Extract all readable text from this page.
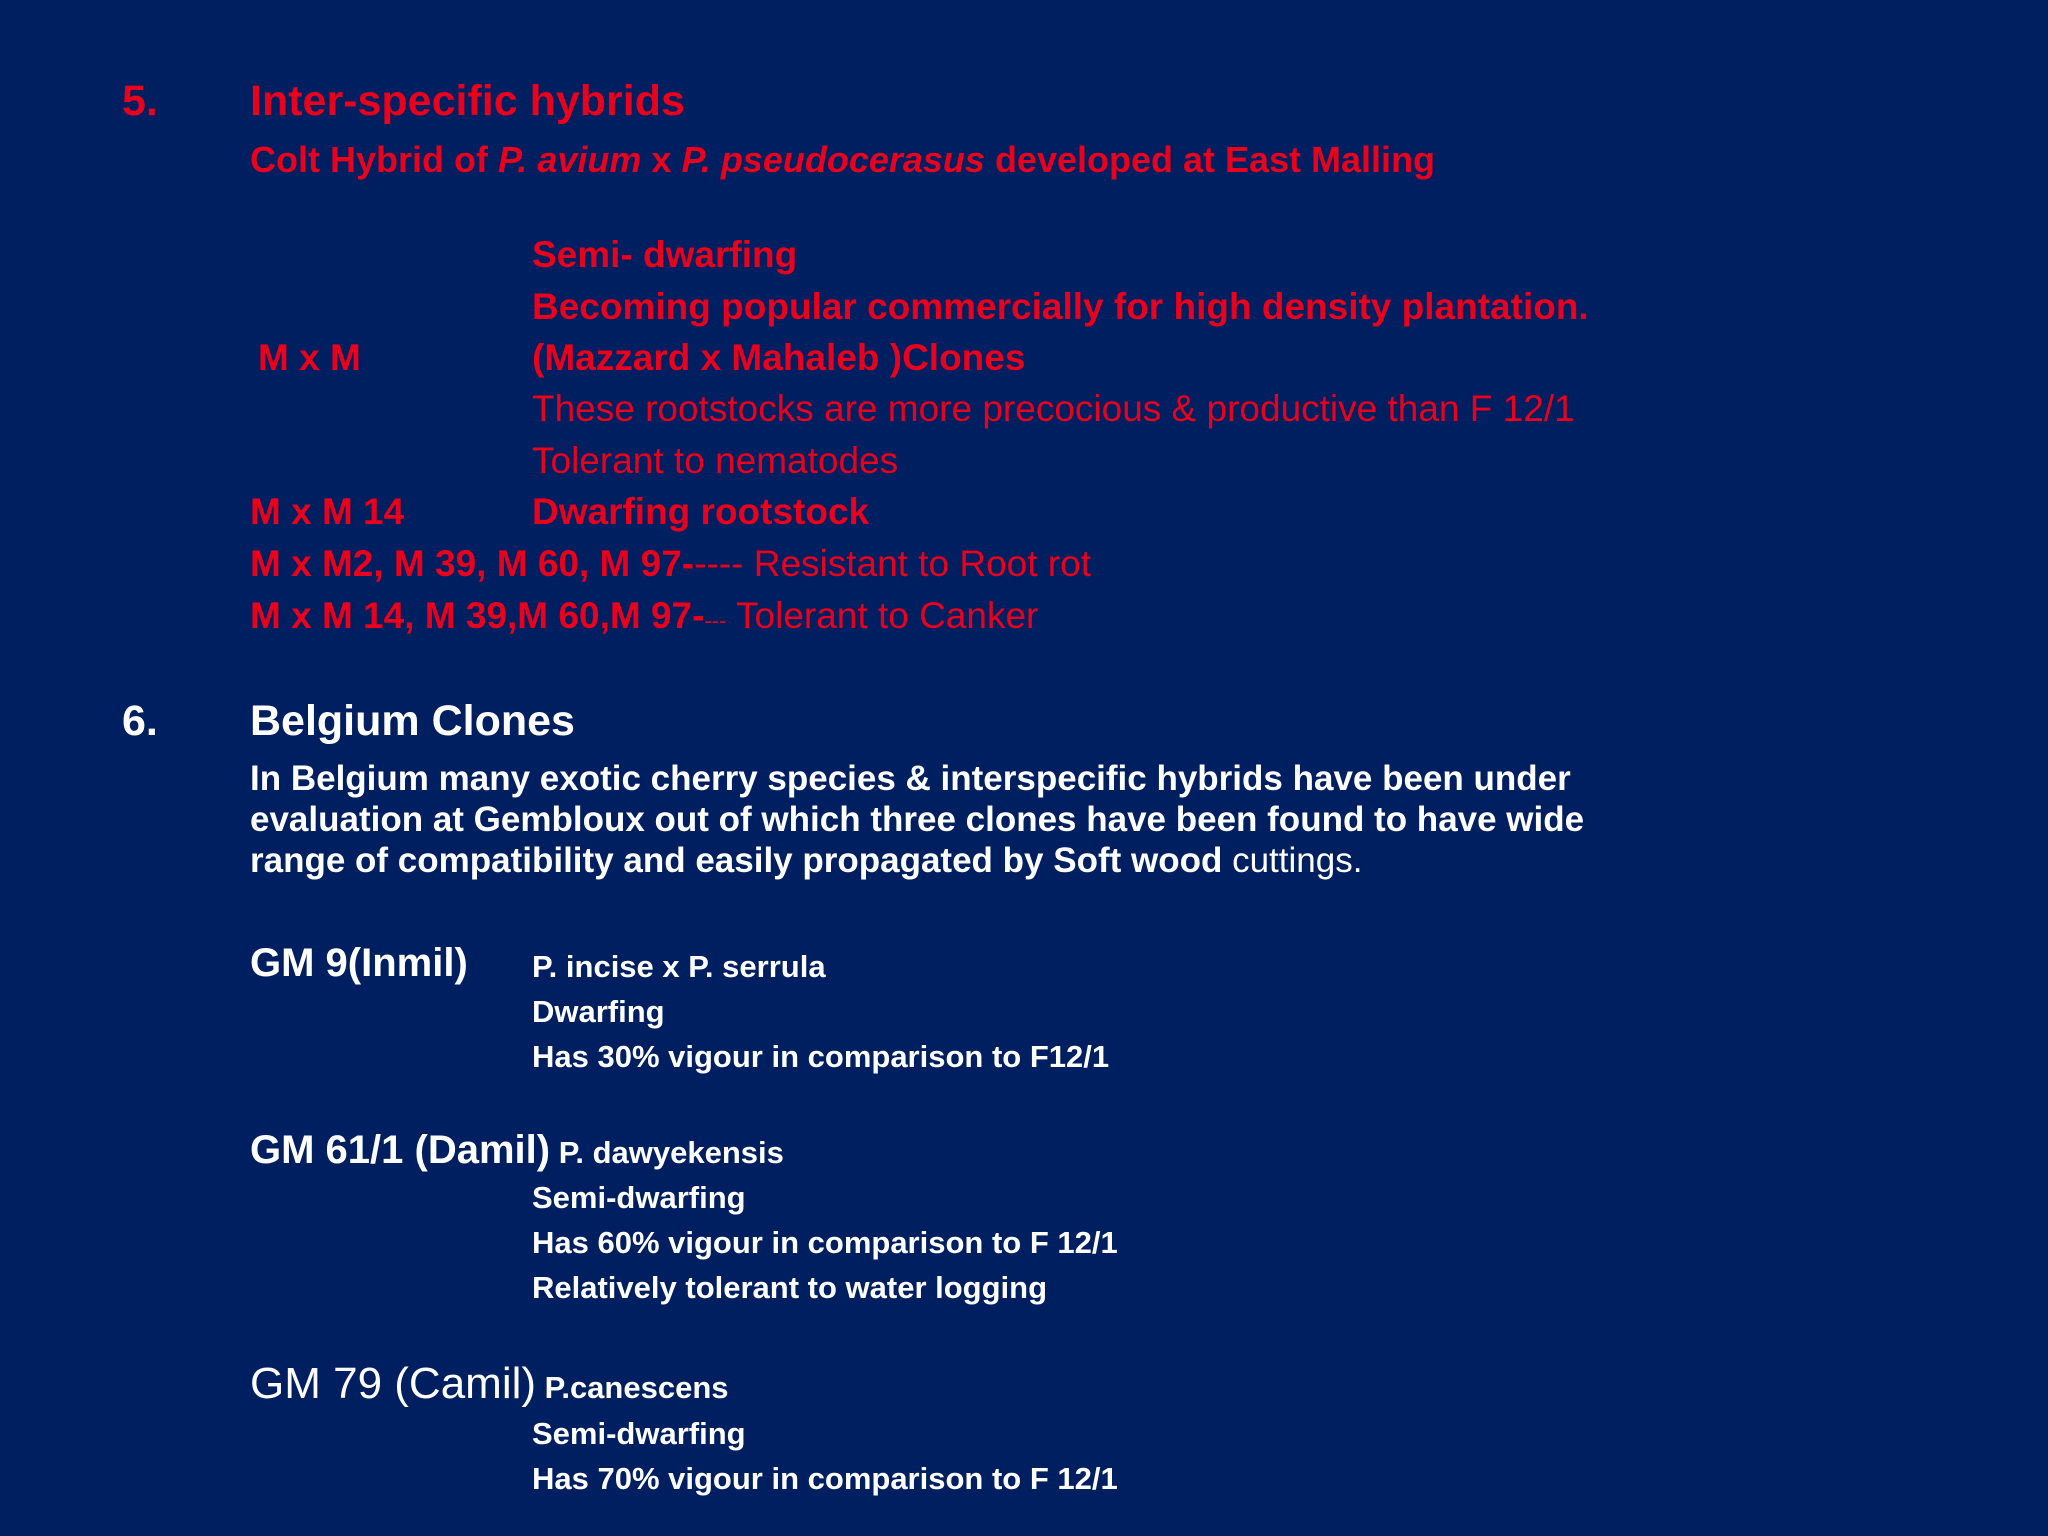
5. Inter-specific hybrids
Colt Hybrid of P. avium x P. pseudocerasus developed at East Malling
Semi- dwarfing
Becoming popular commercially for high density plantation.
M x M	(Mazzard x Mahaleb )Clones
These rootstocks are more precocious & productive than F 12/1
Tolerant to nematodes
M x M 14	Dwarfing rootstock
M x M2, M 39, M 60, M 97----- Resistant to Root rot
M x M 14, M 39,M 60,M 97---- Tolerant to Canker
6. Belgium Clones
In Belgium many exotic cherry species & interspecific hybrids have been under
evaluation at Gembloux out of which three clones have been found to have wide
range of compatibility and easily propagated by Soft wood cuttings.
GM 9(Inmil) P. incise x P. serrula
Dwarfing
Has 30% vigour in comparison to F12/1
GM 61/1 (Damil) P. dawyekensis
Semi-dwarfing
Has 60% vigour in comparison to F 12/1
Relatively tolerant to water logging
GM 79 (Camil) P.canescens
Semi-dwarfing
Has 70% vigour in comparison to F 12/1
